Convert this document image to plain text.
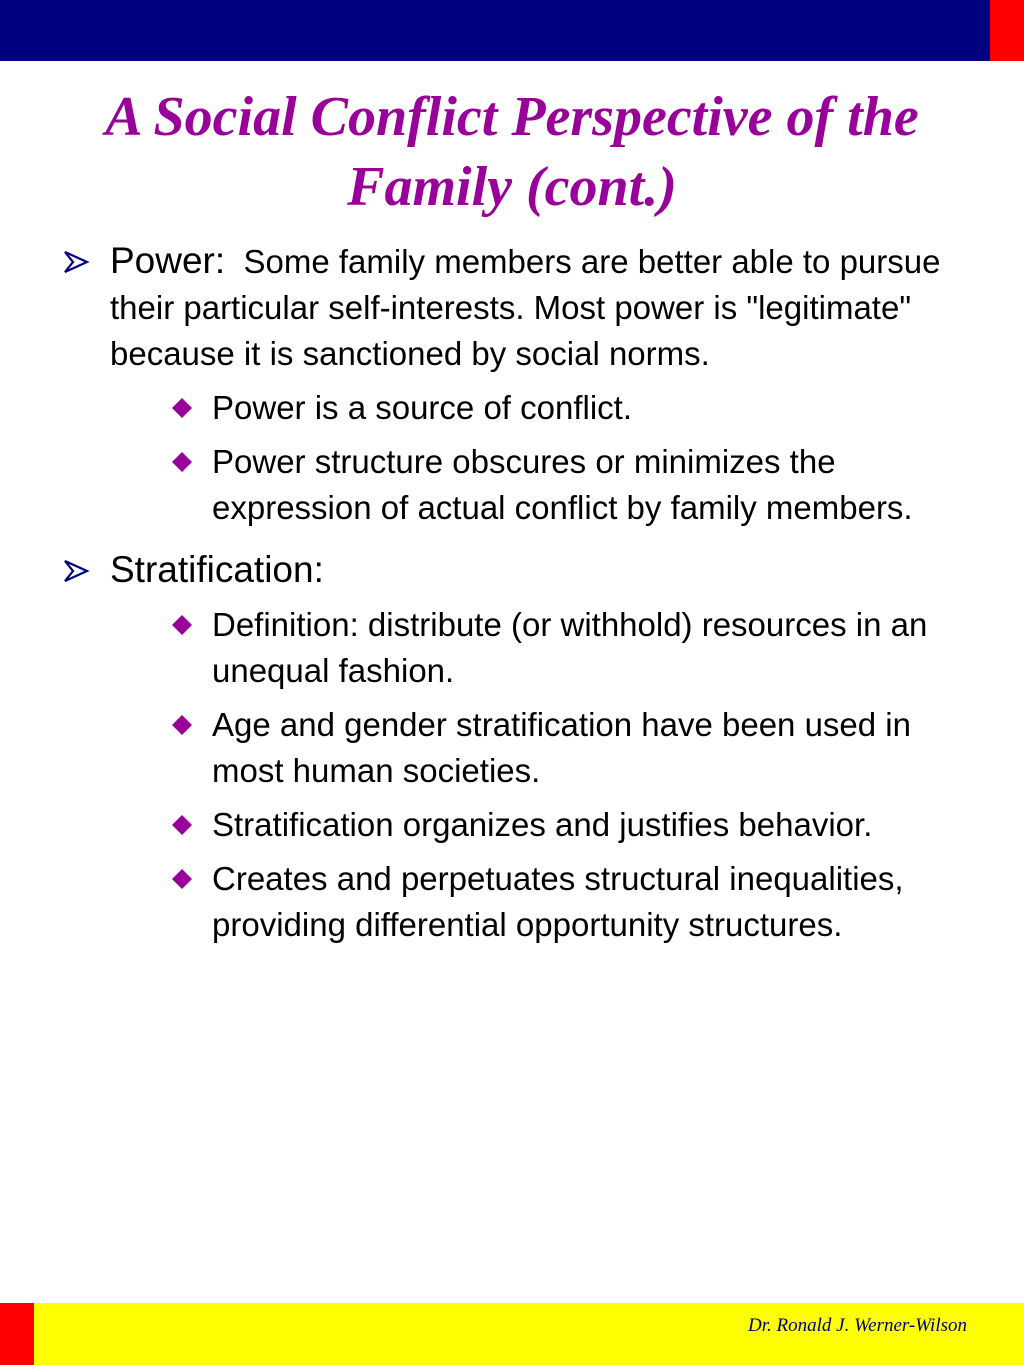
A Social Conflict Perspective of the Family (cont.)
Power: Some family members are better able to pursue their particular self-interests. Most power is "legitimate" because it is sanctioned by social norms.
Power is a source of conflict.
Power structure obscures or minimizes the expression of actual conflict by family members.
Stratification:
Definition: distribute (or withhold) resources in an unequal fashion.
Age and gender stratification have been used in most human societies.
Stratification organizes and justifies behavior.
Creates and perpetuates structural inequalities, providing differential opportunity structures.
Dr. Ronald J. Werner-Wilson
